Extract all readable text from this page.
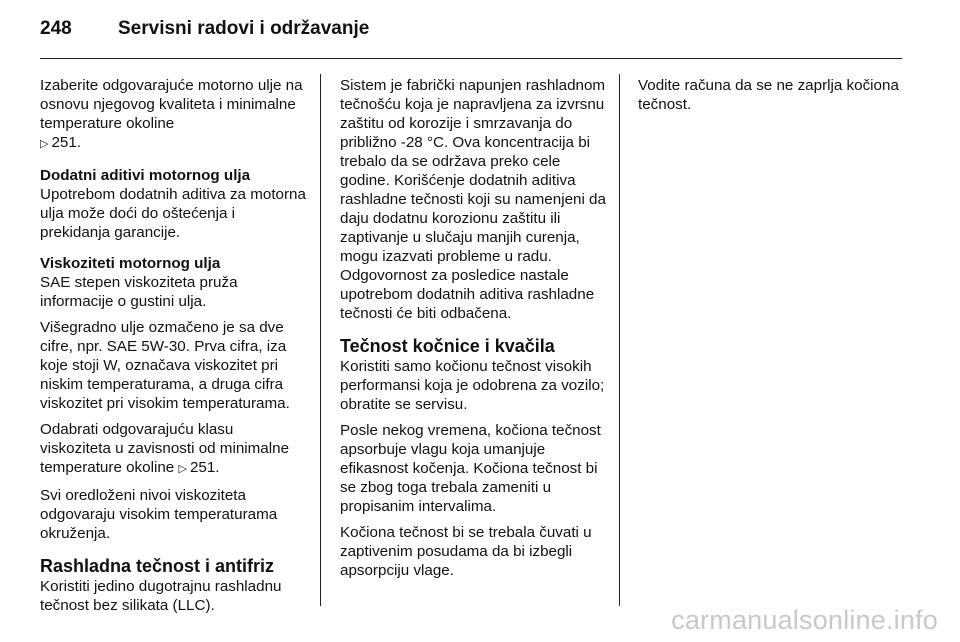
248	Servisni radovi i održavanje

Izaberite odgovarajuće motorno ulje na osnovu njegovog kvaliteta i minimalne temperature okoline
▷ 251.

Dodatni aditivi motornog ulja

Upotrebom dodatnih aditiva za motorna ulja može doći do oštećenja i prekidanja garancije.

Viskoziteti motornog ulja

SAE stepen viskoziteta pruža informacije o gustini ulja.

Višegradno ulje ozmačeno je sa dve cifre, npr. SAE 5W-30. Prva cifra, iza koje stoji W, označava viskozitet pri niskim temperaturama, a druga cifra viskozitet pri visokim temperaturama.

Odabrati odgovarajuću klasu viskoziteta u zavisnosti od minimalne temperature okoline ▷ 251.

Svi oredloženi nivoi viskoziteta odgovaraju visokim temperaturama okruženja.

Rashladna tečnost i antifriz

Koristiti jedino dugotrajnu rashladnu tečnost bez silikata (LLC).

Sistem je fabrički napunjen rashladnom tečnošću koja je napravljena za izvrsnu zaštitu od korozije i smrzavanja do približno -28 °C. Ova koncentracija bi trebalo da se održava preko cele godine. Korišćenje dodatnih aditiva rashladne tečnosti koji su namenjeni da daju dodatnu korozionu zaštitu ili zaptivanje u slučaju manjih curenja, mogu izazvati probleme u radu. Odgovornost za posledice nastale upotrebom dodatnih aditiva rashladne tečnosti će biti odbačena.

Tečnost kočnice i kvačila

Koristiti samo kočionu tečnost visokih performansi koja je odobrena za vozilo; obratite se servisu.

Posle nekog vremena, kočiona tečnost apsorbuje vlagu koja umanjuje efikasnost kočenja. Kočiona tečnost bi se zbog toga trebala zameniti u propisanim intervalima.

Kočiona tečnost bi se trebala čuvati u zaptivenim posudama da bi izbegli apsorpciju vlage.

Vodite računa da se ne zaprlja kočiona tečnost.

carmanualsonline.info
